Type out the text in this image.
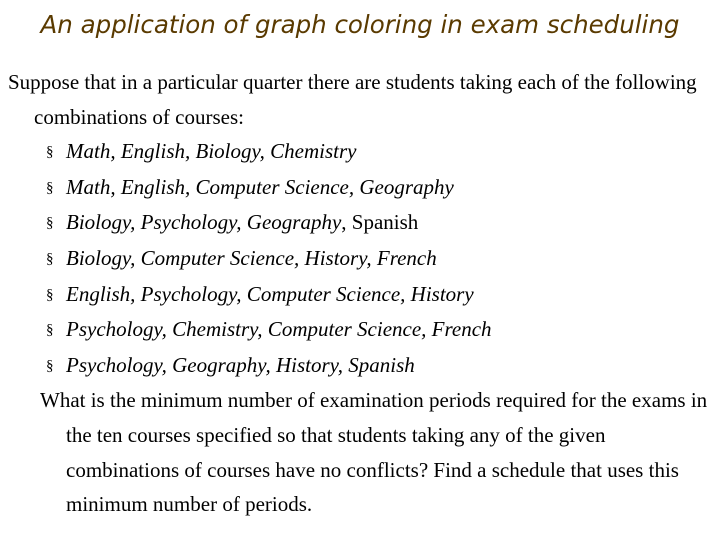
An application of graph coloring in exam scheduling

Suppose that in a particular quarter there are students taking each of the following combinations of courses:

§ Math, English, Biology, Chemistry
§ Math, English, Computer Science, Geography
§ Biology, Psychology, Geography, Spanish
§ Biology, Computer Science, History, French
§ English, Psychology, Computer Science, History
§ Psychology, Chemistry, Computer Science, French
§ Psychology, Geography, History, Spanish

What is the minimum number of examination periods required for the exams in the ten courses specified so that students taking any of the given combinations of courses have no conflicts? Find a schedule that uses this minimum number of periods.
